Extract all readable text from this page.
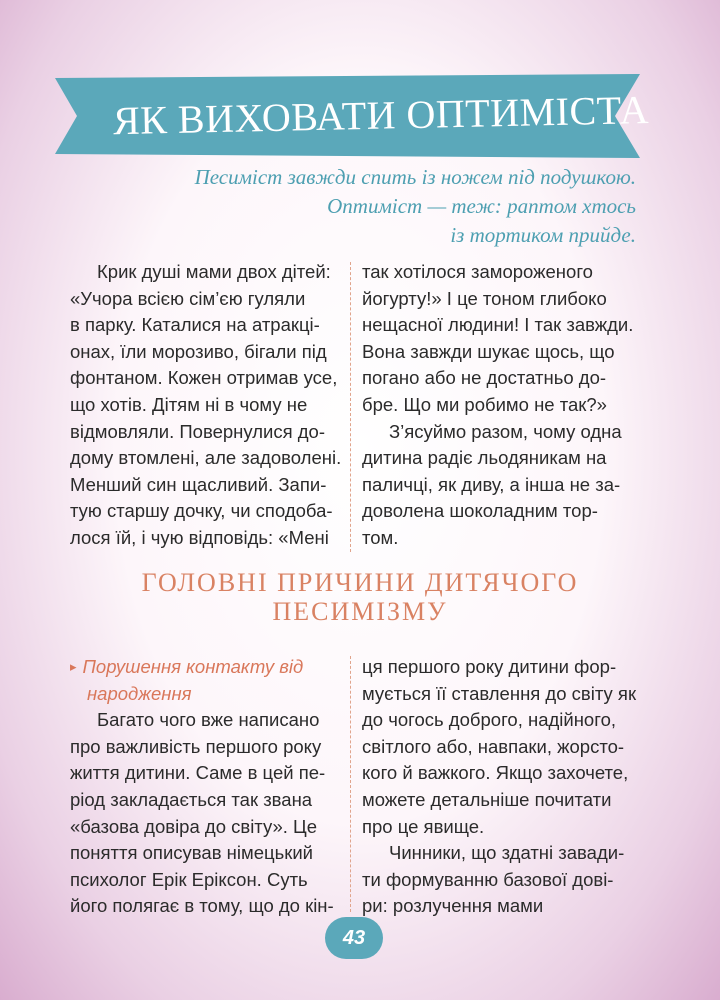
ЯК ВИХОВАТИ ОПТИМІСТА
Песиміст завжди спить із ножем під подушкою.
Оптиміст — теж: раптом хтось
із тортиком прийде.
Крик душі мами двох дітей:
«Учора всією сім’єю гуляли
в парку. Каталися на атракці-
онах, їли морозиво, бігали під
фонтаном. Кожен отримав усе,
що хотів. Дітям ні в чому не
відмовляли. Повернулися до-
дому втомлені, але задоволені.
Менший син щасливий. Запи-
тую старшу дочку, чи сподоба-
лося їй, і чую відповідь: «Мені
так хотілося замороженого
йогурту!» І це тоном глибоко
нещасної людини! І так завжди.
Вона завжди шукає щось, що
погано або не достатньо до-
бре. Що ми робимо не так?»
З’ясуймо разом, чому одна
дитина радіє льодяникам на
паличці, як диву, а інша не за-
доволена шоколадним тор-
том.
ГОЛОВНІ ПРИЧИНИ ДИТЯЧОГО
ПЕСИМІЗМУ
▸ Порушення контакту від
народження
Багато чого вже написано
про важливість першого року
життя дитини. Саме в цей пе-
ріод закладається так звана
«базова довіра до світу». Це
поняття описував німецький
психолог Ерік Еріксон. Суть
його полягає в тому, що до кін-
ця першого року дитини фор-
мується її ставлення до світу як
до чогось доброго, надійного,
світлого або, навпаки, жорсто-
кого й важкого. Якщо захочете,
можете детальніше почитати
про це явище.
Чинники, що здатні завади-
ти формуванню базової дові-
ри: розлучення мами
43
